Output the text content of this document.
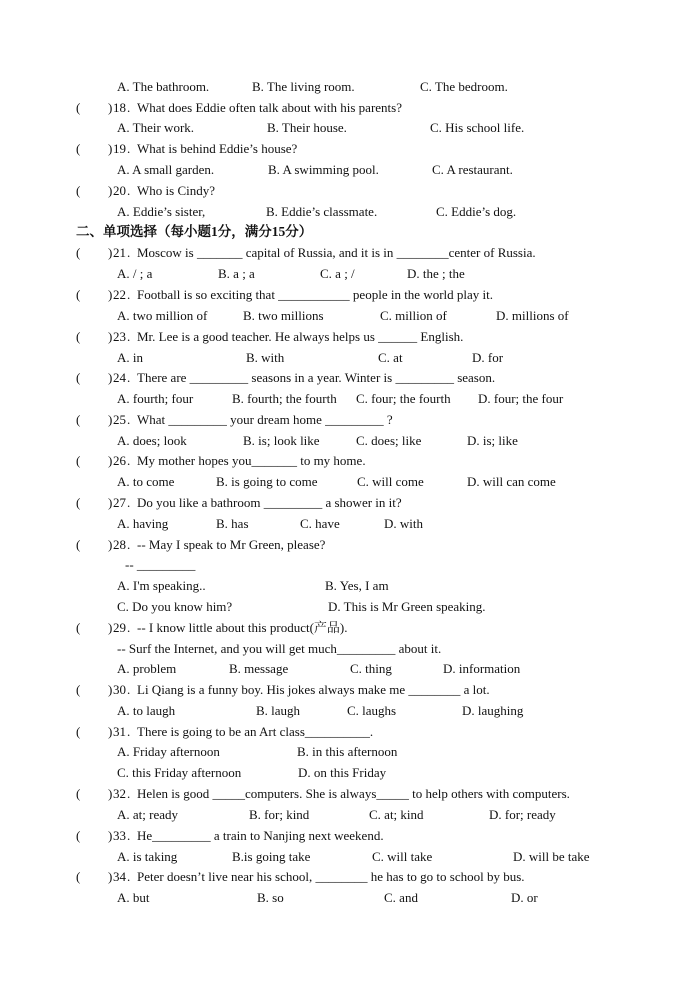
A. The bathroom.	B. The living room.	C. The bedroom.
( ) 18 . What does Eddie often talk about with his parents?
A. Their work.	B. Their house.	C. His school life.
( ) 19 . What is behind Eddie’s house?
A. A small garden.	B. A swimming pool.	C. A restaurant.
( ) 20 . Who is Cindy?
A. Eddie’s sister,	B. Eddie’s classmate.	C. Eddie’s dog.
二、单项选择（每小题1分，满分15分）
( ) 21 . Moscow is _______ capital of Russia, and it is in ________center of Russia.
A. / ; a	B. a ; a	C. a ; /	D. the ; the
( ) 22 . Football is so exciting that ___________ people in the world play it.
A. two million of	B. two millions	C. million of	D. millions of
( ) 23 . Mr. Lee is a good teacher. He always helps us ______ English.
A. in	B. with	C. at	D. for
( ) 24 . There are _________ seasons in a year. Winter is _________ season.
A. fourth; four	B. fourth; the fourth C. four; the fourth D. four; the four
( ) 25 . What _________ your dream home _________ ?
A. does; look	B. is; look like	C. does; like	D. is; like
( ) 26 . My mother hopes you_______ to my home.
A. to come	B. is going to come	C. will come	D. will can come
( ) 27 . Do you like a bathroom _________ a shower in it?
A. having	B. has	C. have	D. with
( ) 28 . -- May I speak to Mr Green, please?
-- _________
A. I'm speaking..	B. Yes, I am
C. Do you know him?	D. This is Mr Green speaking.
( ) 29 . -- I know little about this product(产品).
-- Surf the Internet, and you will get much_________ about it.
A. problem	B. message	C. thing	D. information
( ) 30 . Li Qiang is a funny boy. His jokes always make me ________ a lot.
A. to laugh	B. laugh	C. laughs	D. laughing
( ) 31 . There is going to be an Art class__________.
A. Friday afternoon	B. in this afternoon
C. this Friday afternoon	D. on this Friday
( ) 32 . Helen is good _____computers. She is always_____ to help others with computers.
A. at; ready	B. for; kind	C. at; kind	D. for; ready
( ) 33 . He_________ a train to Nanjing next weekend.
A. is taking	B.is going take	C. will take	D. will be take
( ) 34 . Peter doesn’t live near his school, ________ he has to go to school by bus.
A. but	B. so	C. and	D. or
